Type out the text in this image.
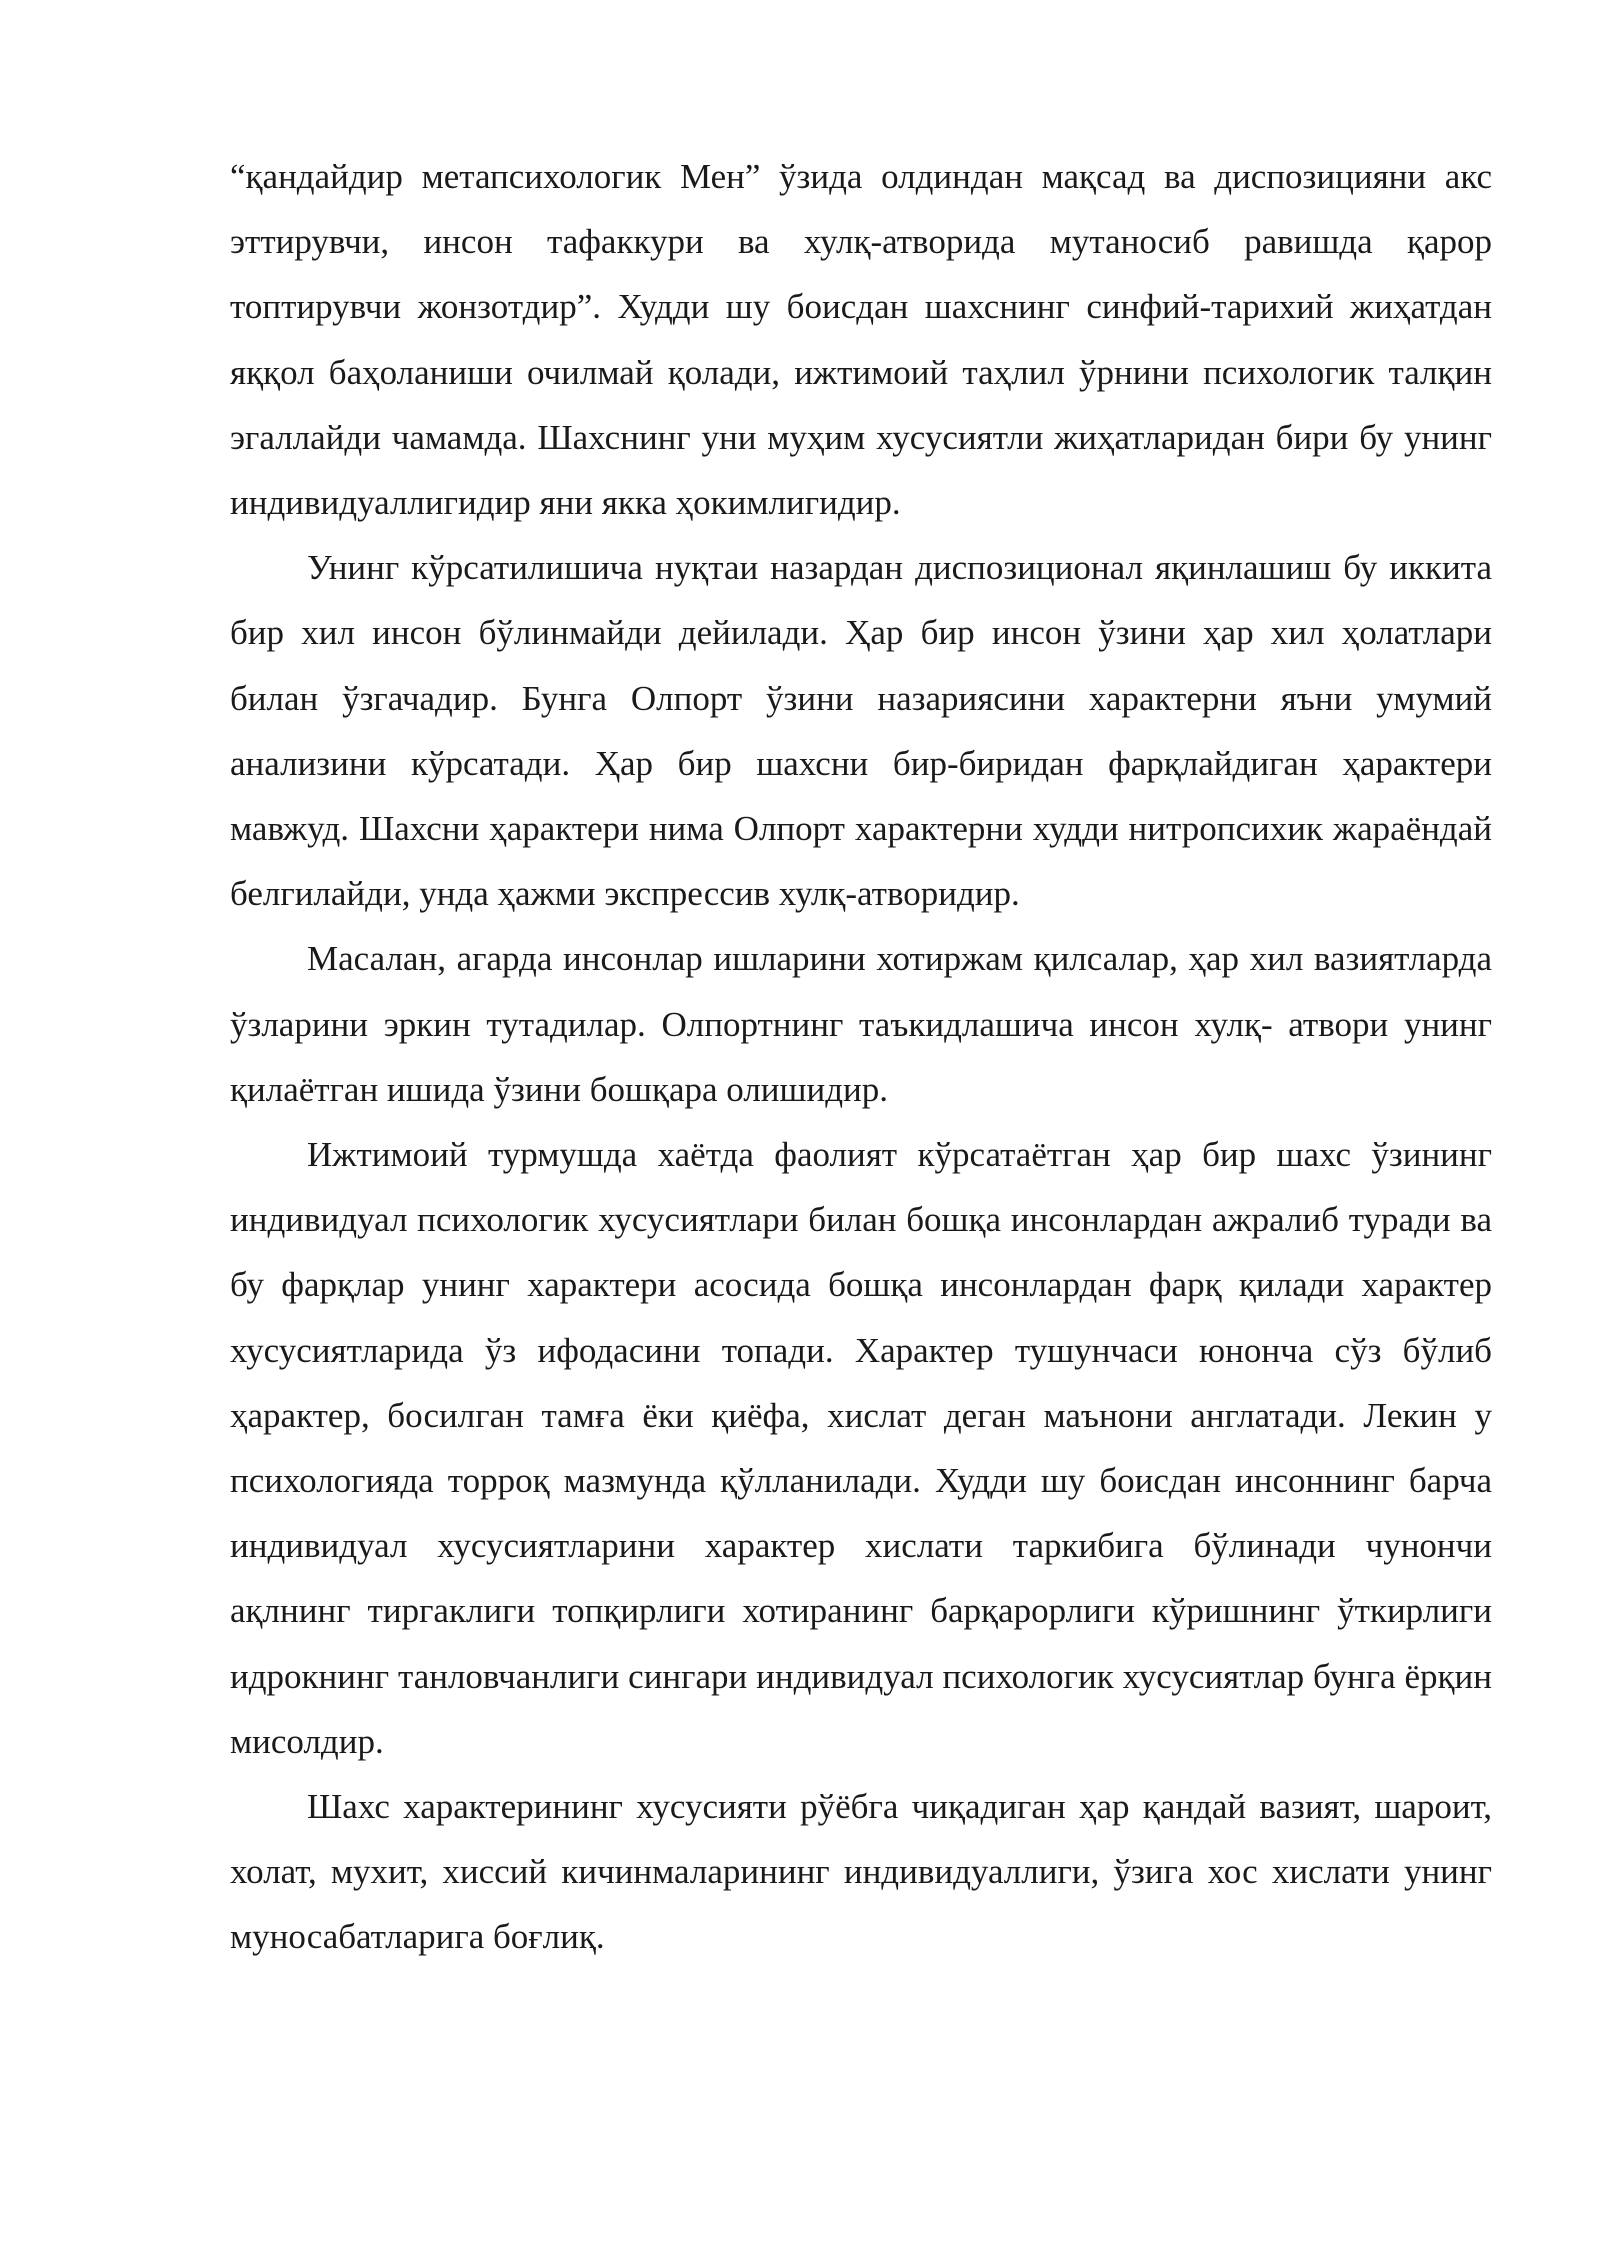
“қандайдир метапсихологик Мен” ўзида олдиндан мақсад ва диспозицияни акс эттирувчи, инсон тафаккури ва хулқ-атворида мутаносиб равишда қарор топтирувчи жонзотдир”. Худди шу боисдан шахснинг синфий-тарихий жиҳатдан яққол баҳоланиши очилмай қолади, ижтимоий таҳлил ўрнини психологик талқин эгаллайди чамамда. Шахснинг уни муҳим хусусиятли жиҳатларидан бири бу унинг индивидуаллигидир яни якка ҳокимлигидир.

Унинг кўрсатилишича нуқтаи назардан диспозиционал яқинлашиш бу иккита бир хил инсон бўлинмайди дейилади. Ҳар бир инсон ўзини ҳар хил ҳолатлари билан ўзгачадир. Бунга Олпорт ўзини назариясини характерни яъни умумий анализини кўрсатади. Ҳар бир шахсни бир-биридан фарқлайдиган ҳарактери мавжуд. Шахсни ҳарактери нима Олпорт характерни худди нитропсихик жараёндай белгилайди, унда ҳажми экспрессив хулқ-атворидир.

Масалан, агарда инсонлар ишларини хотиржам қилсалар, ҳар хил вазиятларда ўзларини эркин тутадилар. Олпортнинг таъкидлашича инсон хулқ- атвори унинг қилаётган ишида ўзини бошқара олишидир.

Ижтимоий турмушда хаётда фаолият кўрсатаётган ҳар бир шахс ўзининг индивидуал психологик хусусиятлари билан бошқа инсонлардан ажралиб туради ва бу фарқлар унинг характери асосида бошқа инсонлардан фарқ қилади характер хусусиятларида ўз ифодасини топади. Характер тушунчаси юнонча сўз бўлиб ҳарактер, босилган тамға ёки қиёфа, хислат деган маънони англатади. Лекин у психологияда торроқ мазмунда қўлланилади. Худди шу боисдан инсоннинг барча индивидуал хусусиятларини характер хислати таркибига бўлинади чунончи ақлнинг тиргаклиги топқирлиги хотиранинг барқарорлиги кўришнинг ўткирлиги идрокнинг танловчанлиги сингари индивидуал психологик хусусиятлар бунга ёрқин мисолдир.

Шахс характерининг хусусияти рўёбга чиқадиган ҳар қандай вазият, шароит, холат, мухит, хиссий кичинмаларининг индивидуаллиги, ўзига хос хислати унинг муносабатларига боғлиқ.
